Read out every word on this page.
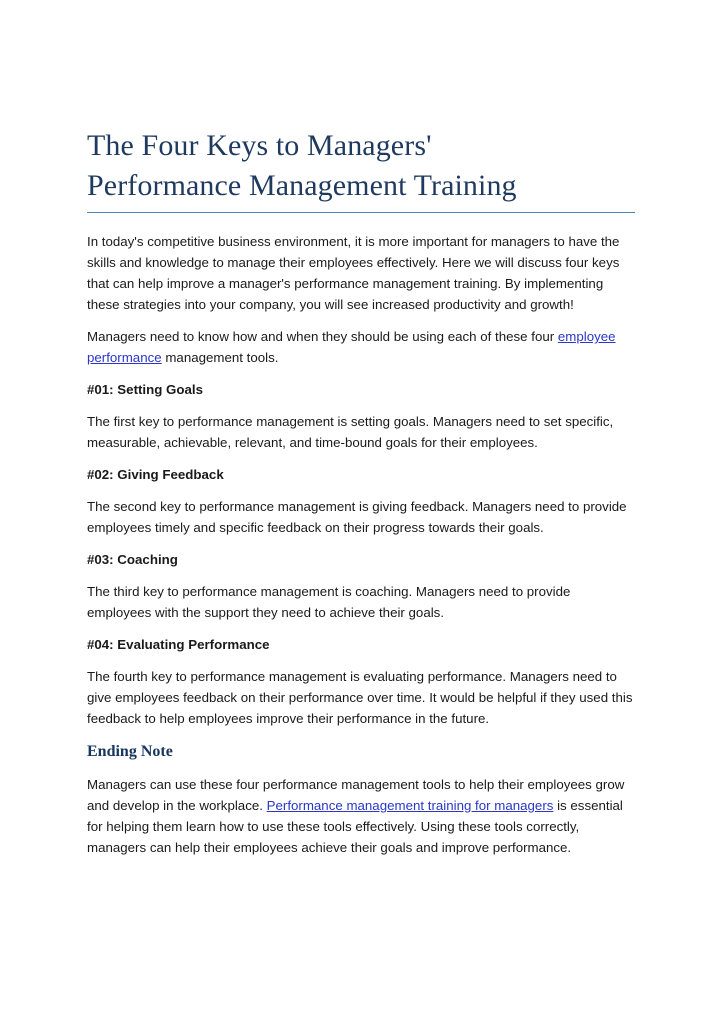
The Four Keys to Managers'
Performance Management Training

In today's competitive business environment, it is more important for managers to have the skills and knowledge to manage their employees effectively. Here we will discuss four keys that can help improve a manager's performance management training. By implementing these strategies into your company, you will see increased productivity and growth!

Managers need to know how and when they should be using each of these four employee performance management tools.

#01: Setting Goals

The first key to performance management is setting goals. Managers need to set specific, measurable, achievable, relevant, and time-bound goals for their employees.

#02: Giving Feedback

The second key to performance management is giving feedback. Managers need to provide employees timely and specific feedback on their progress towards their goals.

#03: Coaching

The third key to performance management is coaching. Managers need to provide employees with the support they need to achieve their goals.

#04: Evaluating Performance

The fourth key to performance management is evaluating performance. Managers need to give employees feedback on their performance over time. It would be helpful if they used this feedback to help employees improve their performance in the future.

Ending Note

Managers can use these four performance management tools to help their employees grow and develop in the workplace. Performance management training for managers is essential for helping them learn how to use these tools effectively. Using these tools correctly, managers can help their employees achieve their goals and improve performance.
